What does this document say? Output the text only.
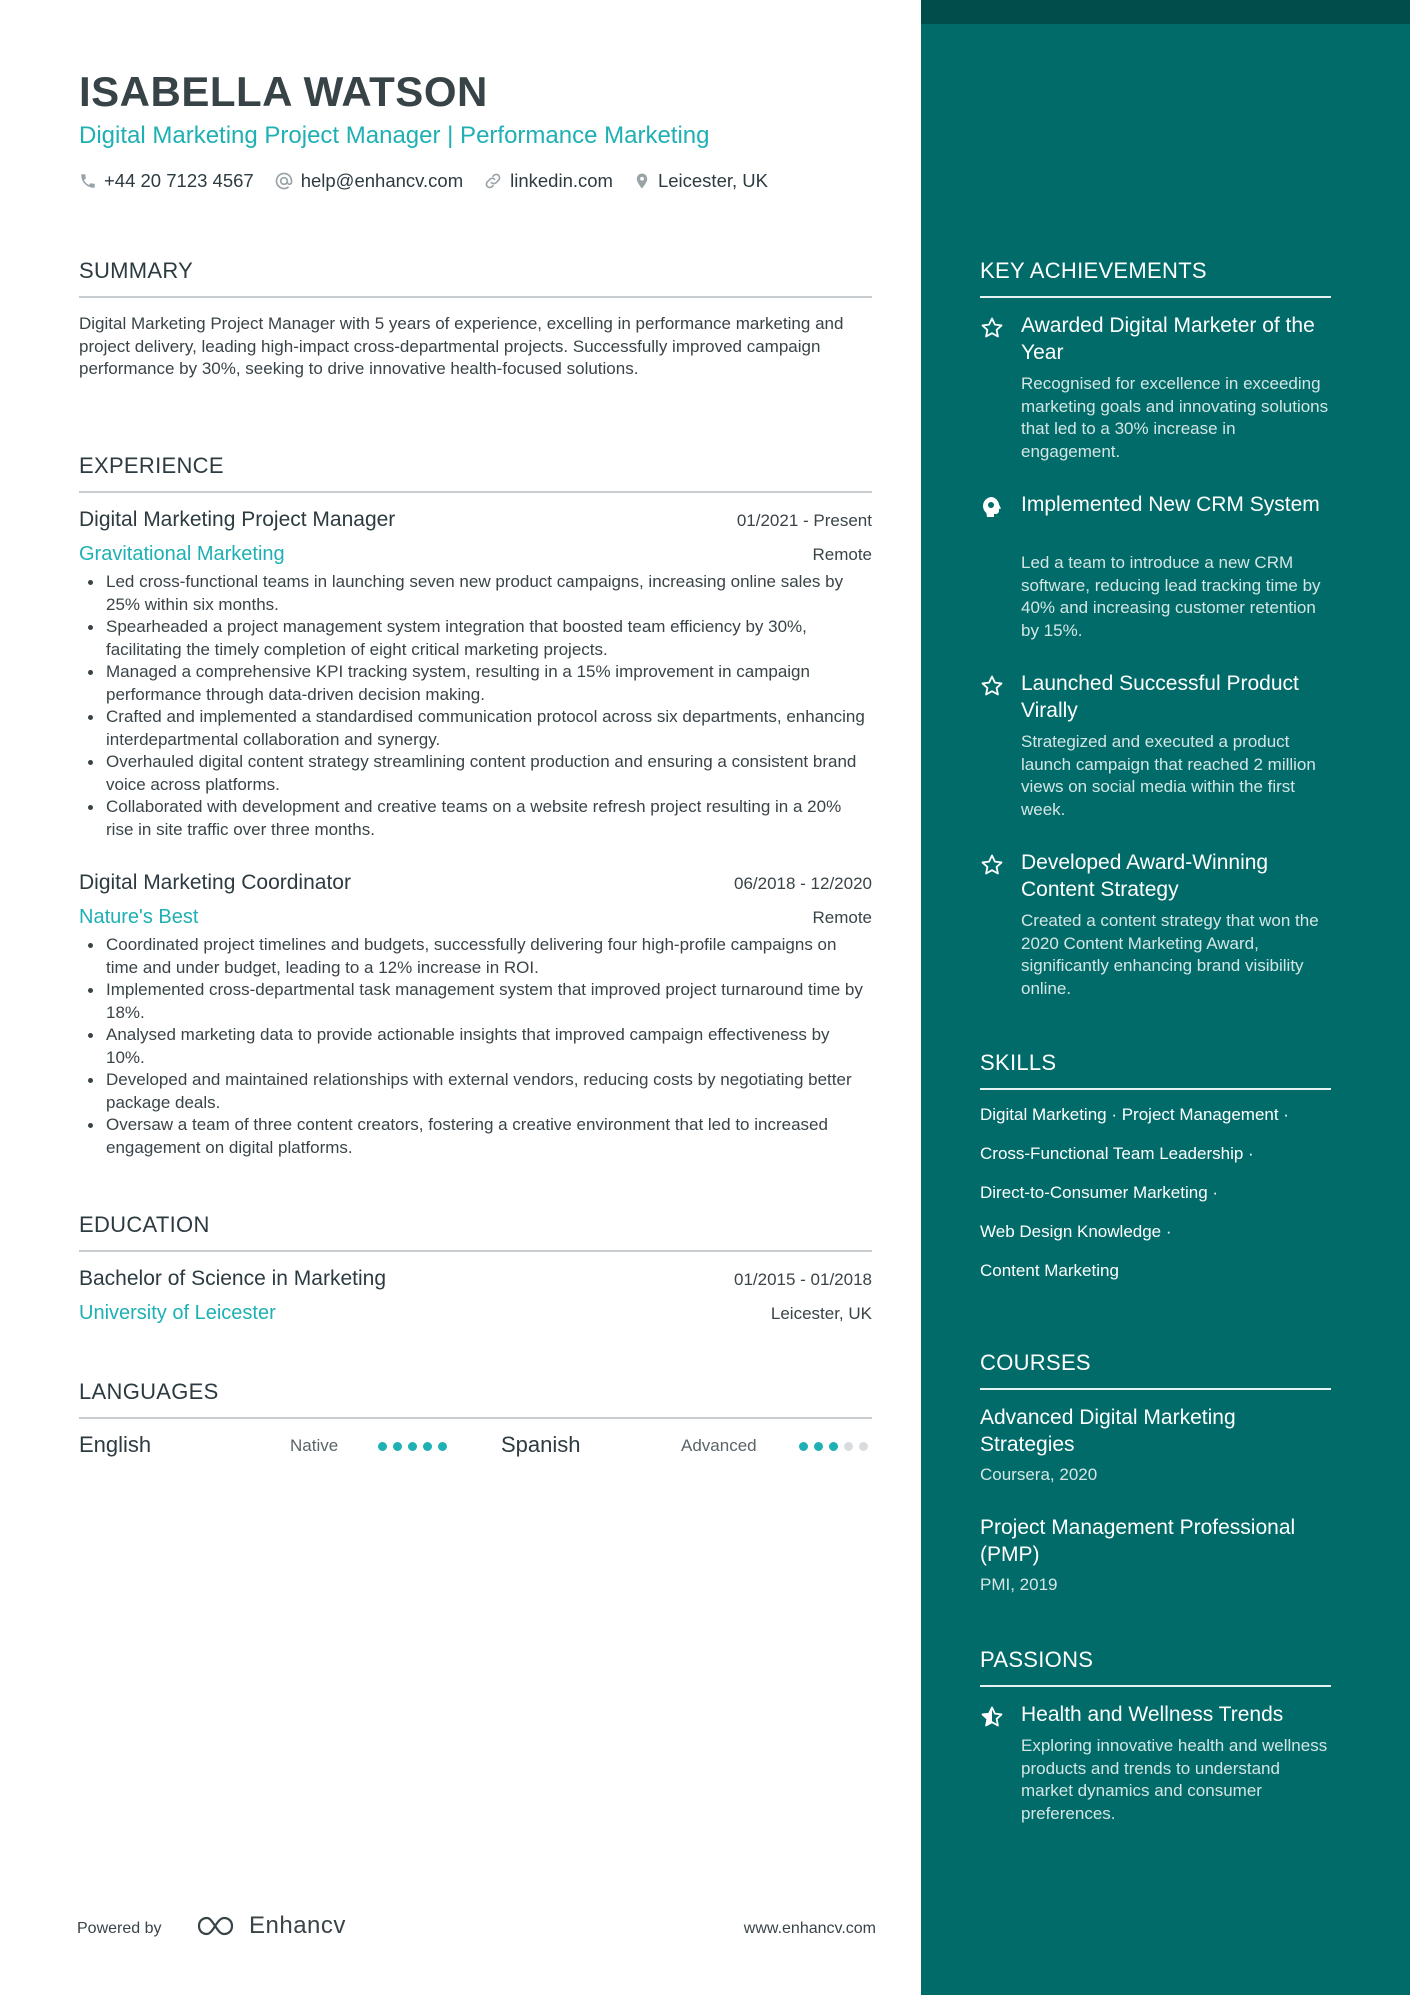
ISABELLA WATSON
Digital Marketing Project Manager | Performance Marketing
+44 20 7123 4567	help@enhancv.com	linkedin.com Leicester, UK
SUMMARY
Digital Marketing Project Manager with 5 years of experience, excelling in performance marketing and project delivery, leading high-impact cross-departmental projects. Successfully improved campaign performance by 30%, seeking to drive innovative health-focused solutions.
EXPERIENCE
Digital Marketing Project Manager	01/2021 - Present
Gravitational Marketing	Remote
Led cross-functional teams in launching seven new product campaigns, increasing online sales by 25% within six months.
Spearheaded a project management system integration that boosted team efficiency by 30%, facilitating the timely completion of eight critical marketing projects.
Managed a comprehensive KPI tracking system, resulting in a 15% improvement in campaign performance through data-driven decision making.
Crafted and implemented a standardised communication protocol across six departments, enhancing interdepartmental collaboration and synergy.
Overhauled digital content strategy streamlining content production and ensuring a consistent brand voice across platforms.
Collaborated with development and creative teams on a website refresh project resulting in a 20% rise in site traffic over three months.
Digital Marketing Coordinator	06/2018 - 12/2020
Nature's Best	Remote
Coordinated project timelines and budgets, successfully delivering four high-profile campaigns on time and under budget, leading to a 12% increase in ROI.
Implemented cross-departmental task management system that improved project turnaround time by 18%.
Analysed marketing data to provide actionable insights that improved campaign effectiveness by 10%.
Developed and maintained relationships with external vendors, reducing costs by negotiating better package deals.
Oversaw a team of three content creators, fostering a creative environment that led to increased engagement on digital platforms.
EDUCATION
Bachelor of Science in Marketing	01/2015 - 01/2018
University of Leicester	Leicester, UK
LANGUAGES
English	Native	Spanish	Advanced
Powered by	Enhancv	www.enhancv.com
KEY ACHIEVEMENTS
Awarded Digital Marketer of the Year
Recognised for excellence in exceeding marketing goals and innovating solutions that led to a 30% increase in engagement.
Implemented New CRM System
Led a team to introduce a new CRM software, reducing lead tracking time by 40% and increasing customer retention by 15%.
Launched Successful Product Virally
Strategized and executed a product launch campaign that reached 2 million views on social media within the first week.
Developed Award-Winning Content Strategy
Created a content strategy that won the 2020 Content Marketing Award, significantly enhancing brand visibility online.
SKILLS
Digital Marketing · Project Management ·
Cross-Functional Team Leadership ·
Direct-to-Consumer Marketing ·
Web Design Knowledge ·
Content Marketing
COURSES
Advanced Digital Marketing Strategies
Coursera, 2020
Project Management Professional (PMP)
PMI, 2019
PASSIONS
Health and Wellness Trends
Exploring innovative health and wellness products and trends to understand market dynamics and consumer preferences.
